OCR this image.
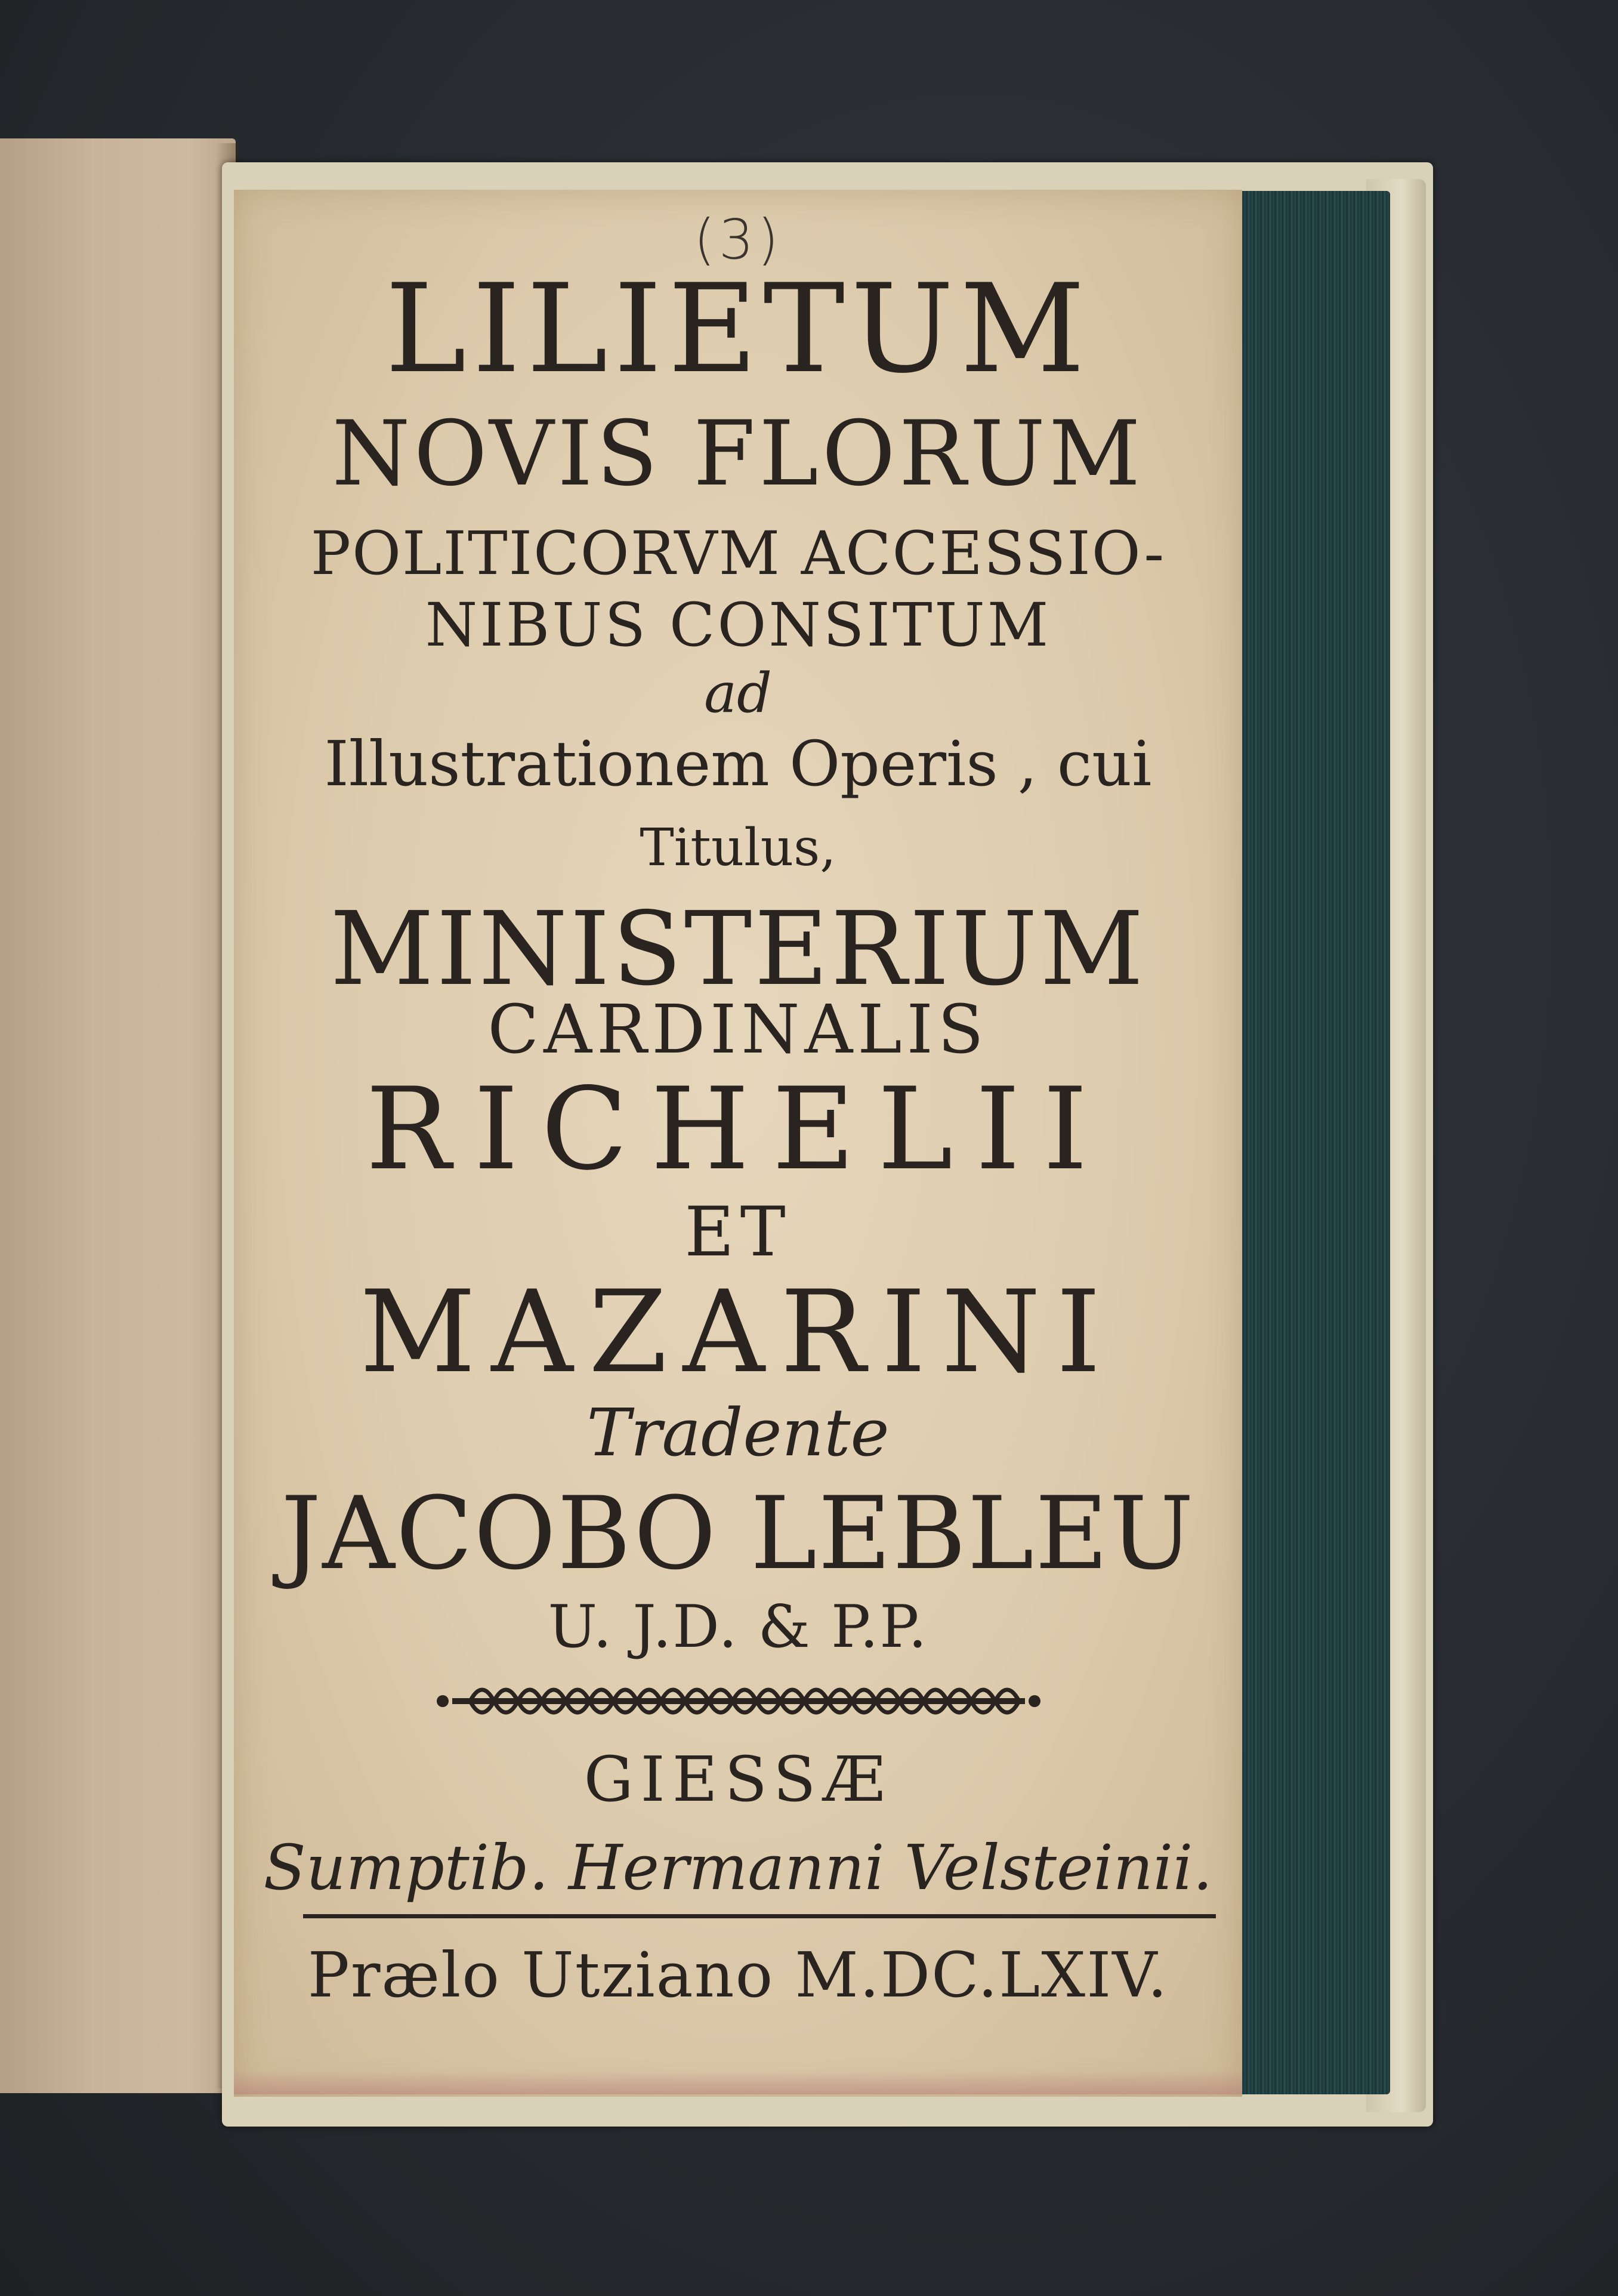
(3)
LILIETUM
NOVIS FLORUM
POLITICORVM ACCESSIO-
NIBUS CONSITUM
ad
Illustrationem Operis , cui
Titulus,
MINISTERIUM
CARDINALIS
RICHELII
ET
MAZARINI
Tradente
JACOBO LEBLEU
U. J.D. & P.P.
GIESSÆ
Sumptib. Hermanni Velsteinii.
Prælo Utziano M.DC.LXIV.
